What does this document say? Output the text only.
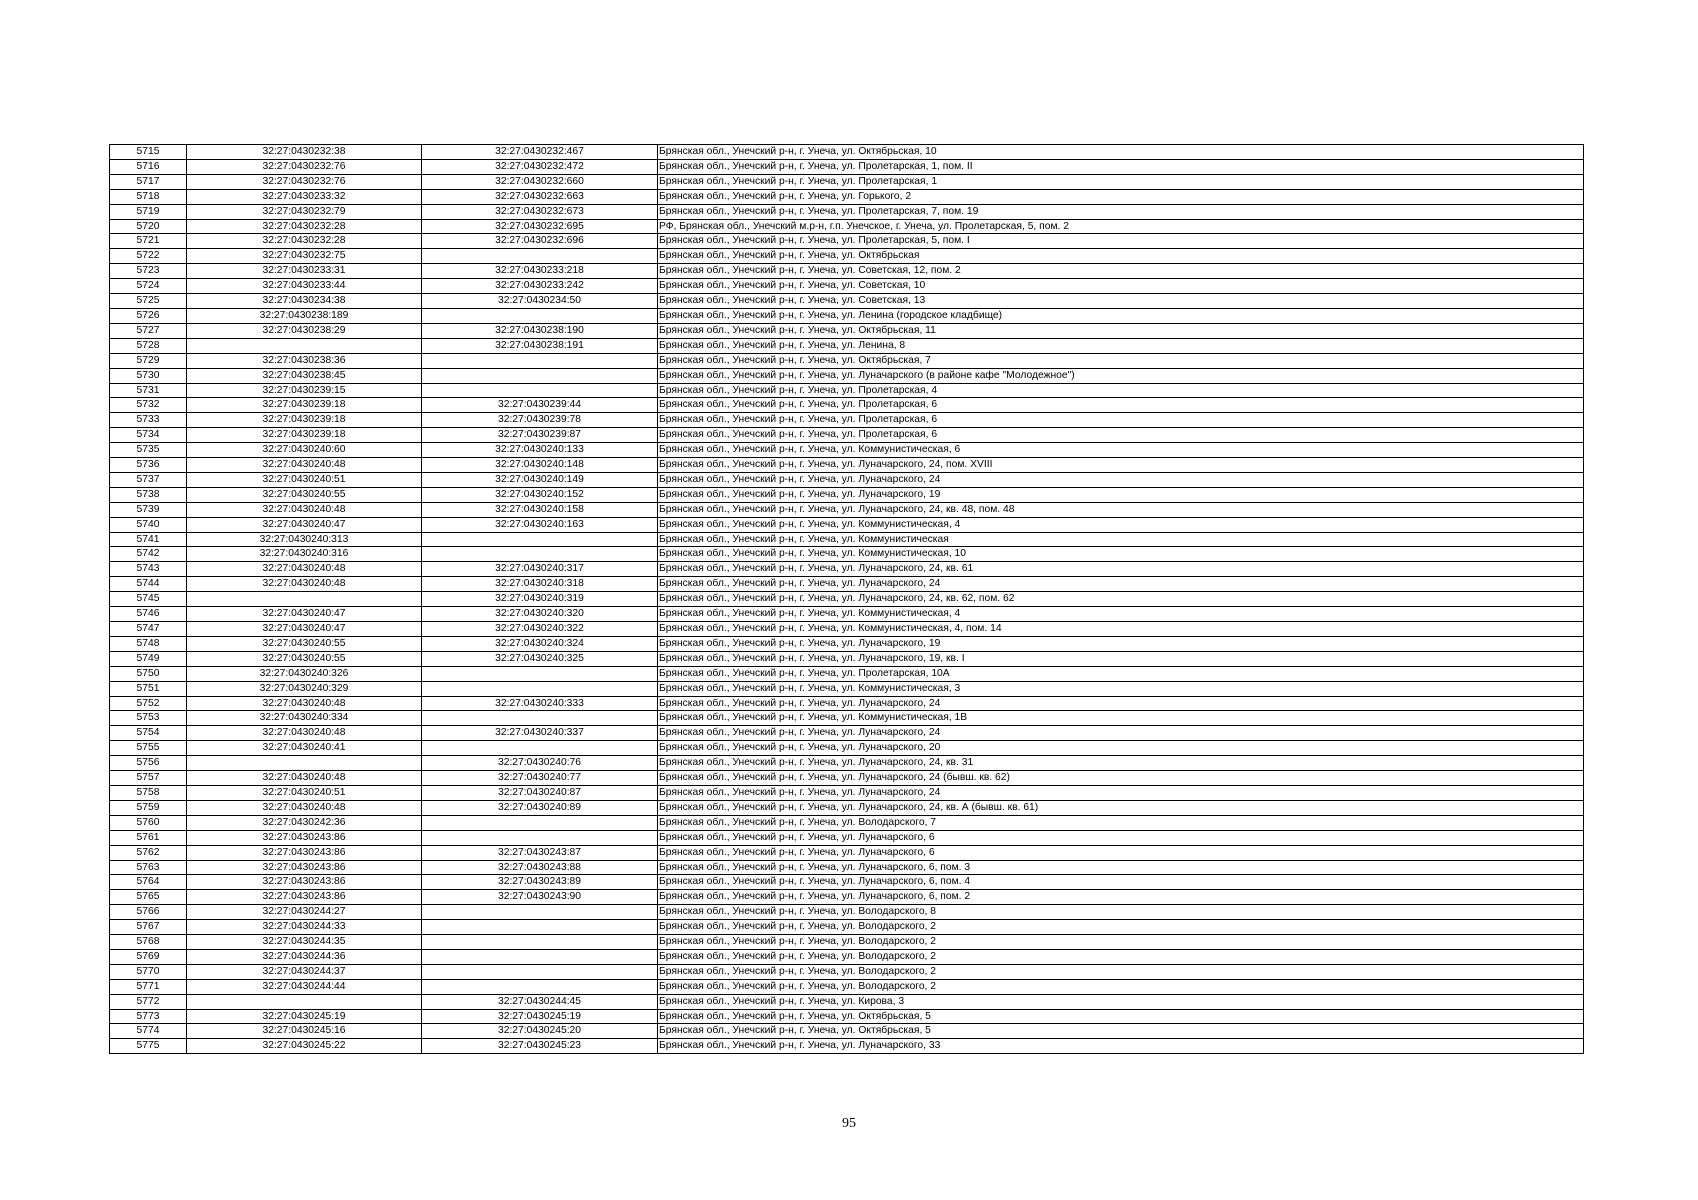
5715	32:27:0430232:38	32:27:0430232:467	Брянская обл., Унечский р-н, г. Унеча, ул. Октябрьская, 10
5716	32:27:0430232:76	32:27:0430232:472	Брянская обл., Унечский р-н, г. Унеча, ул. Пролетарская, 1, пом. II
5717	32:27:0430232:76	32:27:0430232:660	Брянская обл., Унечский р-н, г. Унеча, ул. Пролетарская, 1
5718	32:27:0430233:32	32:27:0430232:663	Брянская обл., Унечский р-н, г. Унеча, ул. Горького, 2
5719	32:27:0430232:79	32:27:0430232:673	Брянская обл., Унечский р-н, г. Унеча, ул. Пролетарская, 7, пом. 19
5720	32:27:0430232:28	32:27:0430232:695	РФ, Брянская обл., Унечский м.р-н, г.п. Унечское, г. Унеча, ул. Пролетарская, 5, пом. 2
5721	32:27:0430232:28	32:27:0430232:696	Брянская обл., Унечский р-н, г. Унеча, ул. Пролетарская, 5, пом. I
5722	32:27:0430232:75		Брянская обл., Унечский р-н, г. Унеча, ул. Октябрьская
5723	32:27:0430233:31	32:27:0430233:218	Брянская обл., Унечский р-н, г. Унеча, ул. Советская, 12, пом. 2
5724	32:27:0430233:44	32:27:0430233:242	Брянская обл., Унечский р-н, г. Унеча, ул. Советская, 10
5725	32:27:0430234:38	32:27:0430234:50	Брянская обл., Унечский р-н, г. Унеча, ул. Советская, 13
5726	32:27:0430238:189		Брянская обл., Унечский р-н, г. Унеча, ул. Ленина (городское кладбище)
5727	32:27:0430238:29	32:27:0430238:190	Брянская обл., Унечский р-н, г. Унеча, ул. Октябрьская, 11
5728		32:27:0430238:191	Брянская обл., Унечский р-н, г. Унеча, ул. Ленина, 8
5729	32:27:0430238:36		Брянская обл., Унечский р-н, г. Унеча, ул. Октябрьская, 7
5730	32:27:0430238:45		Брянская обл., Унечский р-н, г. Унеча, ул. Луначарского (в районе кафе "Молодежное")
5731	32:27:0430239:15		Брянская обл., Унечский р-н, г. Унеча, ул. Пролетарская, 4
5732	32:27:0430239:18	32:27:0430239:44	Брянская обл., Унечский р-н, г. Унеча, ул. Пролетарская, 6
5733	32:27:0430239:18	32:27:0430239:78	Брянская обл., Унечский р-н, г. Унеча, ул. Пролетарская, 6
5734	32:27:0430239:18	32:27:0430239:87	Брянская обл., Унечский р-н, г. Унеча, ул. Пролетарская, 6
5735	32:27:0430240:60	32:27:0430240:133	Брянская обл., Унечский р-н, г. Унеча, ул. Коммунистическая, 6
5736	32:27:0430240:48	32:27:0430240:148	Брянская обл., Унечский р-н, г. Унеча, ул. Луначарского, 24, пом. XVIII
5737	32:27:0430240:51	32:27:0430240:149	Брянская обл., Унечский р-н, г. Унеча, ул. Луначарского, 24
5738	32:27:0430240:55	32:27:0430240:152	Брянская обл., Унечский р-н, г. Унеча, ул. Луначарского, 19
5739	32:27:0430240:48	32:27:0430240:158	Брянская обл., Унечский р-н, г. Унеча, ул. Луначарского, 24, кв. 48, пом. 48
5740	32:27:0430240:47	32:27:0430240:163	Брянская обл., Унечский р-н, г. Унеча, ул. Коммунистическая, 4
5741	32:27:0430240:313		Брянская обл., Унечский р-н, г. Унеча, ул. Коммунистическая
5742	32:27:0430240:316		Брянская обл., Унечский р-н, г. Унеча, ул. Коммунистическая, 10
5743	32:27:0430240:48	32:27:0430240:317	Брянская обл., Унечский р-н, г. Унеча, ул. Луначарского, 24, кв. 61
5744	32:27:0430240:48	32:27:0430240:318	Брянская обл., Унечский р-н, г. Унеча, ул. Луначарского, 24
5745		32:27:0430240:319	Брянская обл., Унечский р-н, г. Унеча, ул. Луначарского, 24, кв. 62, пом. 62
5746	32:27:0430240:47	32:27:0430240:320	Брянская обл., Унечский р-н, г. Унеча, ул. Коммунистическая, 4
5747	32:27:0430240:47	32:27:0430240:322	Брянская обл., Унечский р-н, г. Унеча, ул. Коммунистическая, 4, пом. 14
5748	32:27:0430240:55	32:27:0430240:324	Брянская обл., Унечский р-н, г. Унеча, ул. Луначарского, 19
5749	32:27:0430240:55	32:27:0430240:325	Брянская обл., Унечский р-н, г. Унеча, ул. Луначарского, 19, кв. I
5750	32:27:0430240:326		Брянская обл., Унечский р-н, г. Унеча, ул. Пролетарская, 10А
5751	32:27:0430240:329		Брянская обл., Унечский р-н, г. Унеча, ул. Коммунистическая, 3
5752	32:27:0430240:48	32:27:0430240:333	Брянская обл., Унечский р-н, г. Унеча, ул. Луначарского, 24
5753	32:27:0430240:334		Брянская обл., Унечский р-н, г. Унеча, ул. Коммунистическая, 1В
5754	32:27:0430240:48	32:27:0430240:337	Брянская обл., Унечский р-н, г. Унеча, ул. Луначарского, 24
5755	32:27:0430240:41		Брянская обл., Унечский р-н, г. Унеча, ул. Луначарского, 20
5756		32:27:0430240:76	Брянская обл., Унечский р-н, г. Унеча, ул. Луначарского, 24, кв. 31
5757	32:27:0430240:48	32:27:0430240:77	Брянская обл., Унечский р-н, г. Унеча, ул. Луначарского, 24 (бывш. кв. 62)
5758	32:27:0430240:51	32:27:0430240:87	Брянская обл., Унечский р-н, г. Унеча, ул. Луначарского, 24
5759	32:27:0430240:48	32:27:0430240:89	Брянская обл., Унечский р-н, г. Унеча, ул. Луначарского, 24, кв. А (бывш. кв. 61)
5760	32:27:0430242:36		Брянская обл., Унечский р-н, г. Унеча, ул. Володарского, 7
5761	32:27:0430243:86		Брянская обл., Унечский р-н, г. Унеча, ул. Луначарского, 6
5762	32:27:0430243:86	32:27:0430243:87	Брянская обл., Унечский р-н, г. Унеча, ул. Луначарского, 6
5763	32:27:0430243:86	32:27:0430243:88	Брянская обл., Унечский р-н, г. Унеча, ул. Луначарского, 6, пом. 3
5764	32:27:0430243:86	32:27:0430243:89	Брянская обл., Унечский р-н, г. Унеча, ул. Луначарского, 6, пом. 4
5765	32:27:0430243:86	32:27:0430243:90	Брянская обл., Унечский р-н, г. Унеча, ул. Луначарского, 6, пом. 2
5766	32:27:0430244:27		Брянская обл., Унечский р-н, г. Унеча, ул. Володарского, 8
5767	32:27:0430244:33		Брянская обл., Унечский р-н, г. Унеча, ул. Володарского, 2
5768	32:27:0430244:35		Брянская обл., Унечский р-н, г. Унеча, ул. Володарского, 2
5769	32:27:0430244:36		Брянская обл., Унечский р-н, г. Унеча, ул. Володарского, 2
5770	32:27:0430244:37		Брянская обл., Унечский р-н, г. Унеча, ул. Володарского, 2
5771	32:27:0430244:44		Брянская обл., Унечский р-н, г. Унеча, ул. Володарского, 2
5772		32:27:0430244:45	Брянская обл., Унечский р-н, г. Унеча, ул. Кирова, 3
5773	32:27:0430245:19	32:27:0430245:19	Брянская обл., Унечский р-н, г. Унеча, ул. Октябрьская, 5
5774	32:27:0430245:16	32:27:0430245:20	Брянская обл., Унечский р-н, г. Унеча, ул. Октябрьская, 5
5775	32:27:0430245:22	32:27:0430245:23	Брянская обл., Унечский р-н, г. Унеча, ул. Луначарского, 33
95
